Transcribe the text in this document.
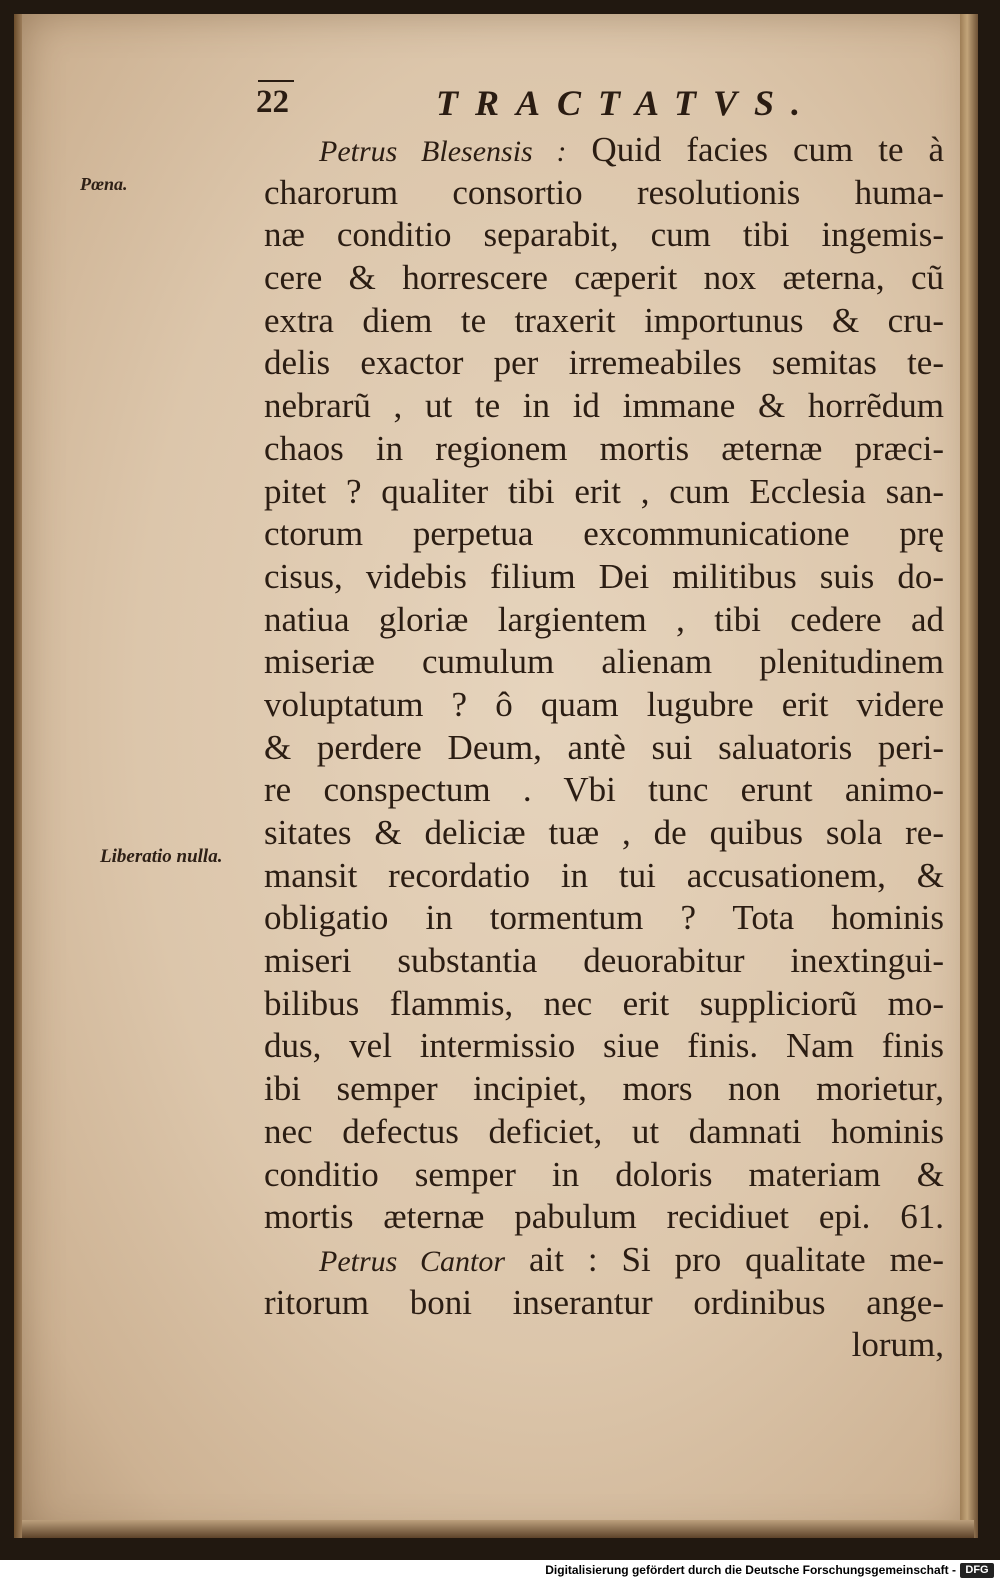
22	TRACTATVS.
Pœna.
Liberatio nulla.
Petrus Blesensis : Quid facies cum te à
charorum consortio resolutionis huma-
næ conditio separabit, cum tibi ingemis-
cere & horrescere cæperit nox æterna, cũ
extra diem te traxerit importunus & cru-
delis exactor per irremeabiles semitas te-
nebrarũ , ut te in id immane & horrẽdum
chaos in regionem mortis æternæ præci-
pitet ? qualiter tibi erit , cum Ecclesia san-
ctorum perpetua excommunicatione prę
cisus, videbis filium Dei militibus suis do-
natiua gloriæ largientem , tibi cedere ad
miseriæ cumulum alienam plenitudinem
voluptatum ? ô quam lugubre erit videre
& perdere Deum, antè sui saluatoris peri-
re conspectum . Vbi tunc erunt animo-
sitates & deliciæ tuæ , de quibus sola re-
mansit recordatio in tui accusationem, &
obligatio in tormentum ? Tota hominis
miseri substantia deuorabitur inextingui-
bilibus flammis, nec erit suppliciorũ mo-
dus, vel intermissio siue finis. Nam finis
ibi semper incipiet, mors non morietur,
nec defectus deficiet, ut damnati hominis
conditio semper in doloris materiam &
mortis æternæ pabulum recidiuet epi. 61.
Petrus Cantor ait : Si pro qualitate me-
ritorum boni inserantur ordinibus ange-
lorum,
Digitalisierung gefördert durch die Deutsche Forschungsgemeinschaft - DFG
